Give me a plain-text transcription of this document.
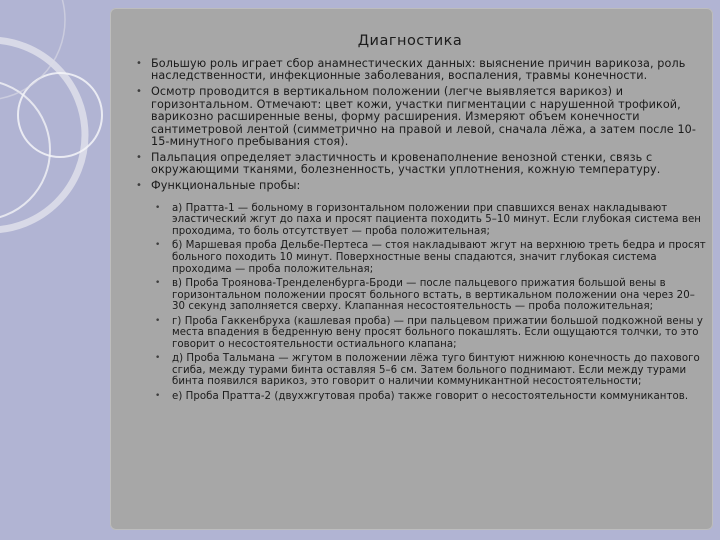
Диагностика
• Большую роль играет сбор анамнестических данных: выяснение причин варикоза, роль наследственности, инфекционные заболевания, воспаления, травмы конечности.
• Осмотр проводится в вертикальном положении (легче выявляется варикоз) и горизонтальном. Отмечают: цвет кожи, участки пигментации с нарушенной трофикой, варикозно расширенные вены, форму расширения. Измеряют объем конечности сантиметровой лентой (симметрично на правой и левой, сначала лёжа, а затем после 10-15-минутного пребывания стоя).
• Пальпация определяет эластичность и кровенаполнение венозной стенки, связь с окружающими тканями, болезненность, участки уплотнения, кожную температуру.
• Функциональные пробы:
• а) Пратта-1 — больному в горизонтальном положении при спавшихся венах накладывают эластический жгут до паха и просят пациента походить 5–10 минут. Если глубокая система вен проходима, то боль отсутствует — проба положительная;
• б) Маршевая проба Дельбе-Пертеса — стоя накладывают жгут на верхнюю треть бедра и просят больного походить 10 минут. Поверхностные вены спадаются, значит глубокая система проходима — проба положительная;
• в) Проба Троянова-Тренделенбурга-Броди — после пальцевого прижатия большой вены в горизонтальном положении просят больного встать, в вертикальном положении она через 20–30 секунд заполняется сверху. Клапанная несостоятельность — проба положительная;
• г) Проба Гаккенбруха (кашлевая проба) — при пальцевом прижатии большой подкожной вены у места впадения в бедренную вену просят больного покашлять. Если ощущаются толчки, то это говорит о несостоятельности остиального клапана;
• д) Проба Тальмана — жгутом в положении лёжа туго бинтуют нижнюю конечность до пахового сгиба, между турами бинта оставляя 5–6 см. Затем больного поднимают. Если между турами бинта появился варикоз, это говорит о наличии коммуникантной несостоятельности;
• е) Проба Пратта-2 (двухжгутовая проба) также говорит о несостоятельности коммуникантов.
